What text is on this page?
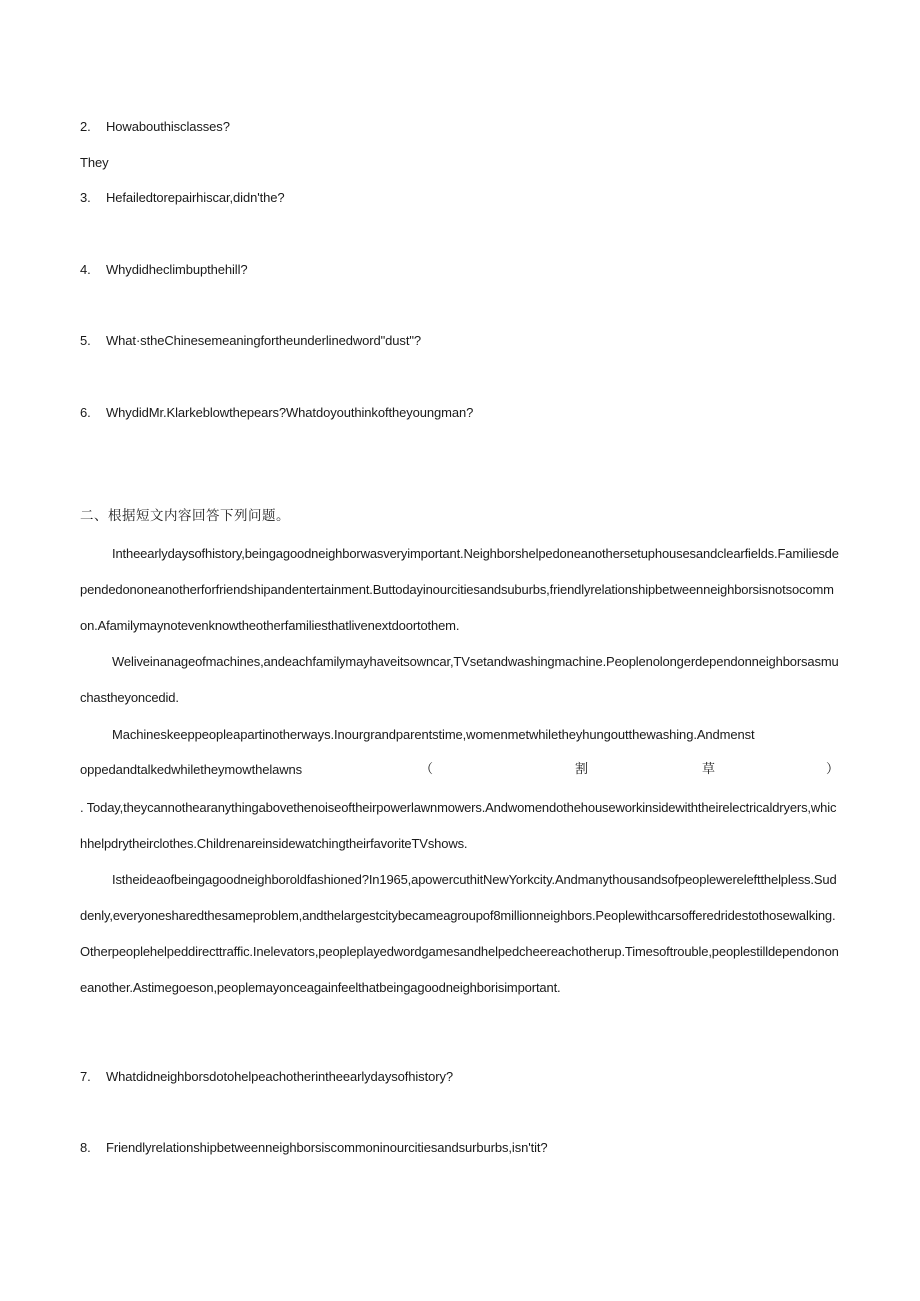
2. Howabouthisclasses?
They
3. Hefailedtorepairhiscar,didn'the?
4. Whydidheclimbupthehill?
5. What·stheChinesemeaningfortheunderlinedword"dust"?
6. WhydidMr.Klarkeblowthepears?Whatdoyouthinkoftheyoungman?
二、根据短文内容回答下列问题。
Intheearlydaysofhistory,beingagoodneighborwasveryimportant.Neighborshelpedoneanothersetuphousesandclearfields.Familiesdependedononeanotherforfriendshipandentertainment.Buttodayinourcitiesandsuburbs,friendlyrelationshipbetweenneighborsisnotsocommon.Afamilymaynotevenknowtheotherfamiliesthatlivenextdoortothem.
Weliveinanageofmachines,andeachfamilymayhaveitsowncar,TVsetandwashingmachine.Peoplenolongerdependonneighborsasmuchastheyoncedid.
Machineskeeppeopleapartinotherways.Inourgrandparentstime,womenmetwhiletheyhungoutthewashing.Andmenst
oppedandtalkedwhiletheymowthelawns	（	割	草	）
. Today,theycannothearanythingabovethenoiseoftheirpowerlawnmowers.Andwomendothehouseworkinsidewiththeirelectricaldryers,whichhelpdrytheirclothes.ChildrenareinsidewatchingtheirfavoriteTVshows.
Istheideaofbeingagoodneighboroldfashioned?In1965,apowercuthitNewYorkcity.Andmanythousandsofpeoplewereleftthelpless.Suddenly,everyonesharedthesameproblem,andthelargestcitybecameagroupof8millionneighbors.Peoplewithcarsofferedridestothosewalking.Otherpeoplehelpeddirecttraffic.Inelevators,peopleplayedwordgamesandhelpedcheereachotherup.Timesoftrouble,peoplestilldependononeanother.Astimegoeson,peoplemayonceagainfeelthatbeingagoodneighborisimportant.
7. Whatdidneighborsdotohelpeachotherintheearlydaysofhistory?
8. Friendlyrelationshipbetweenneighborsiscommoninourcitiesandsurburbs,isn'tit?
